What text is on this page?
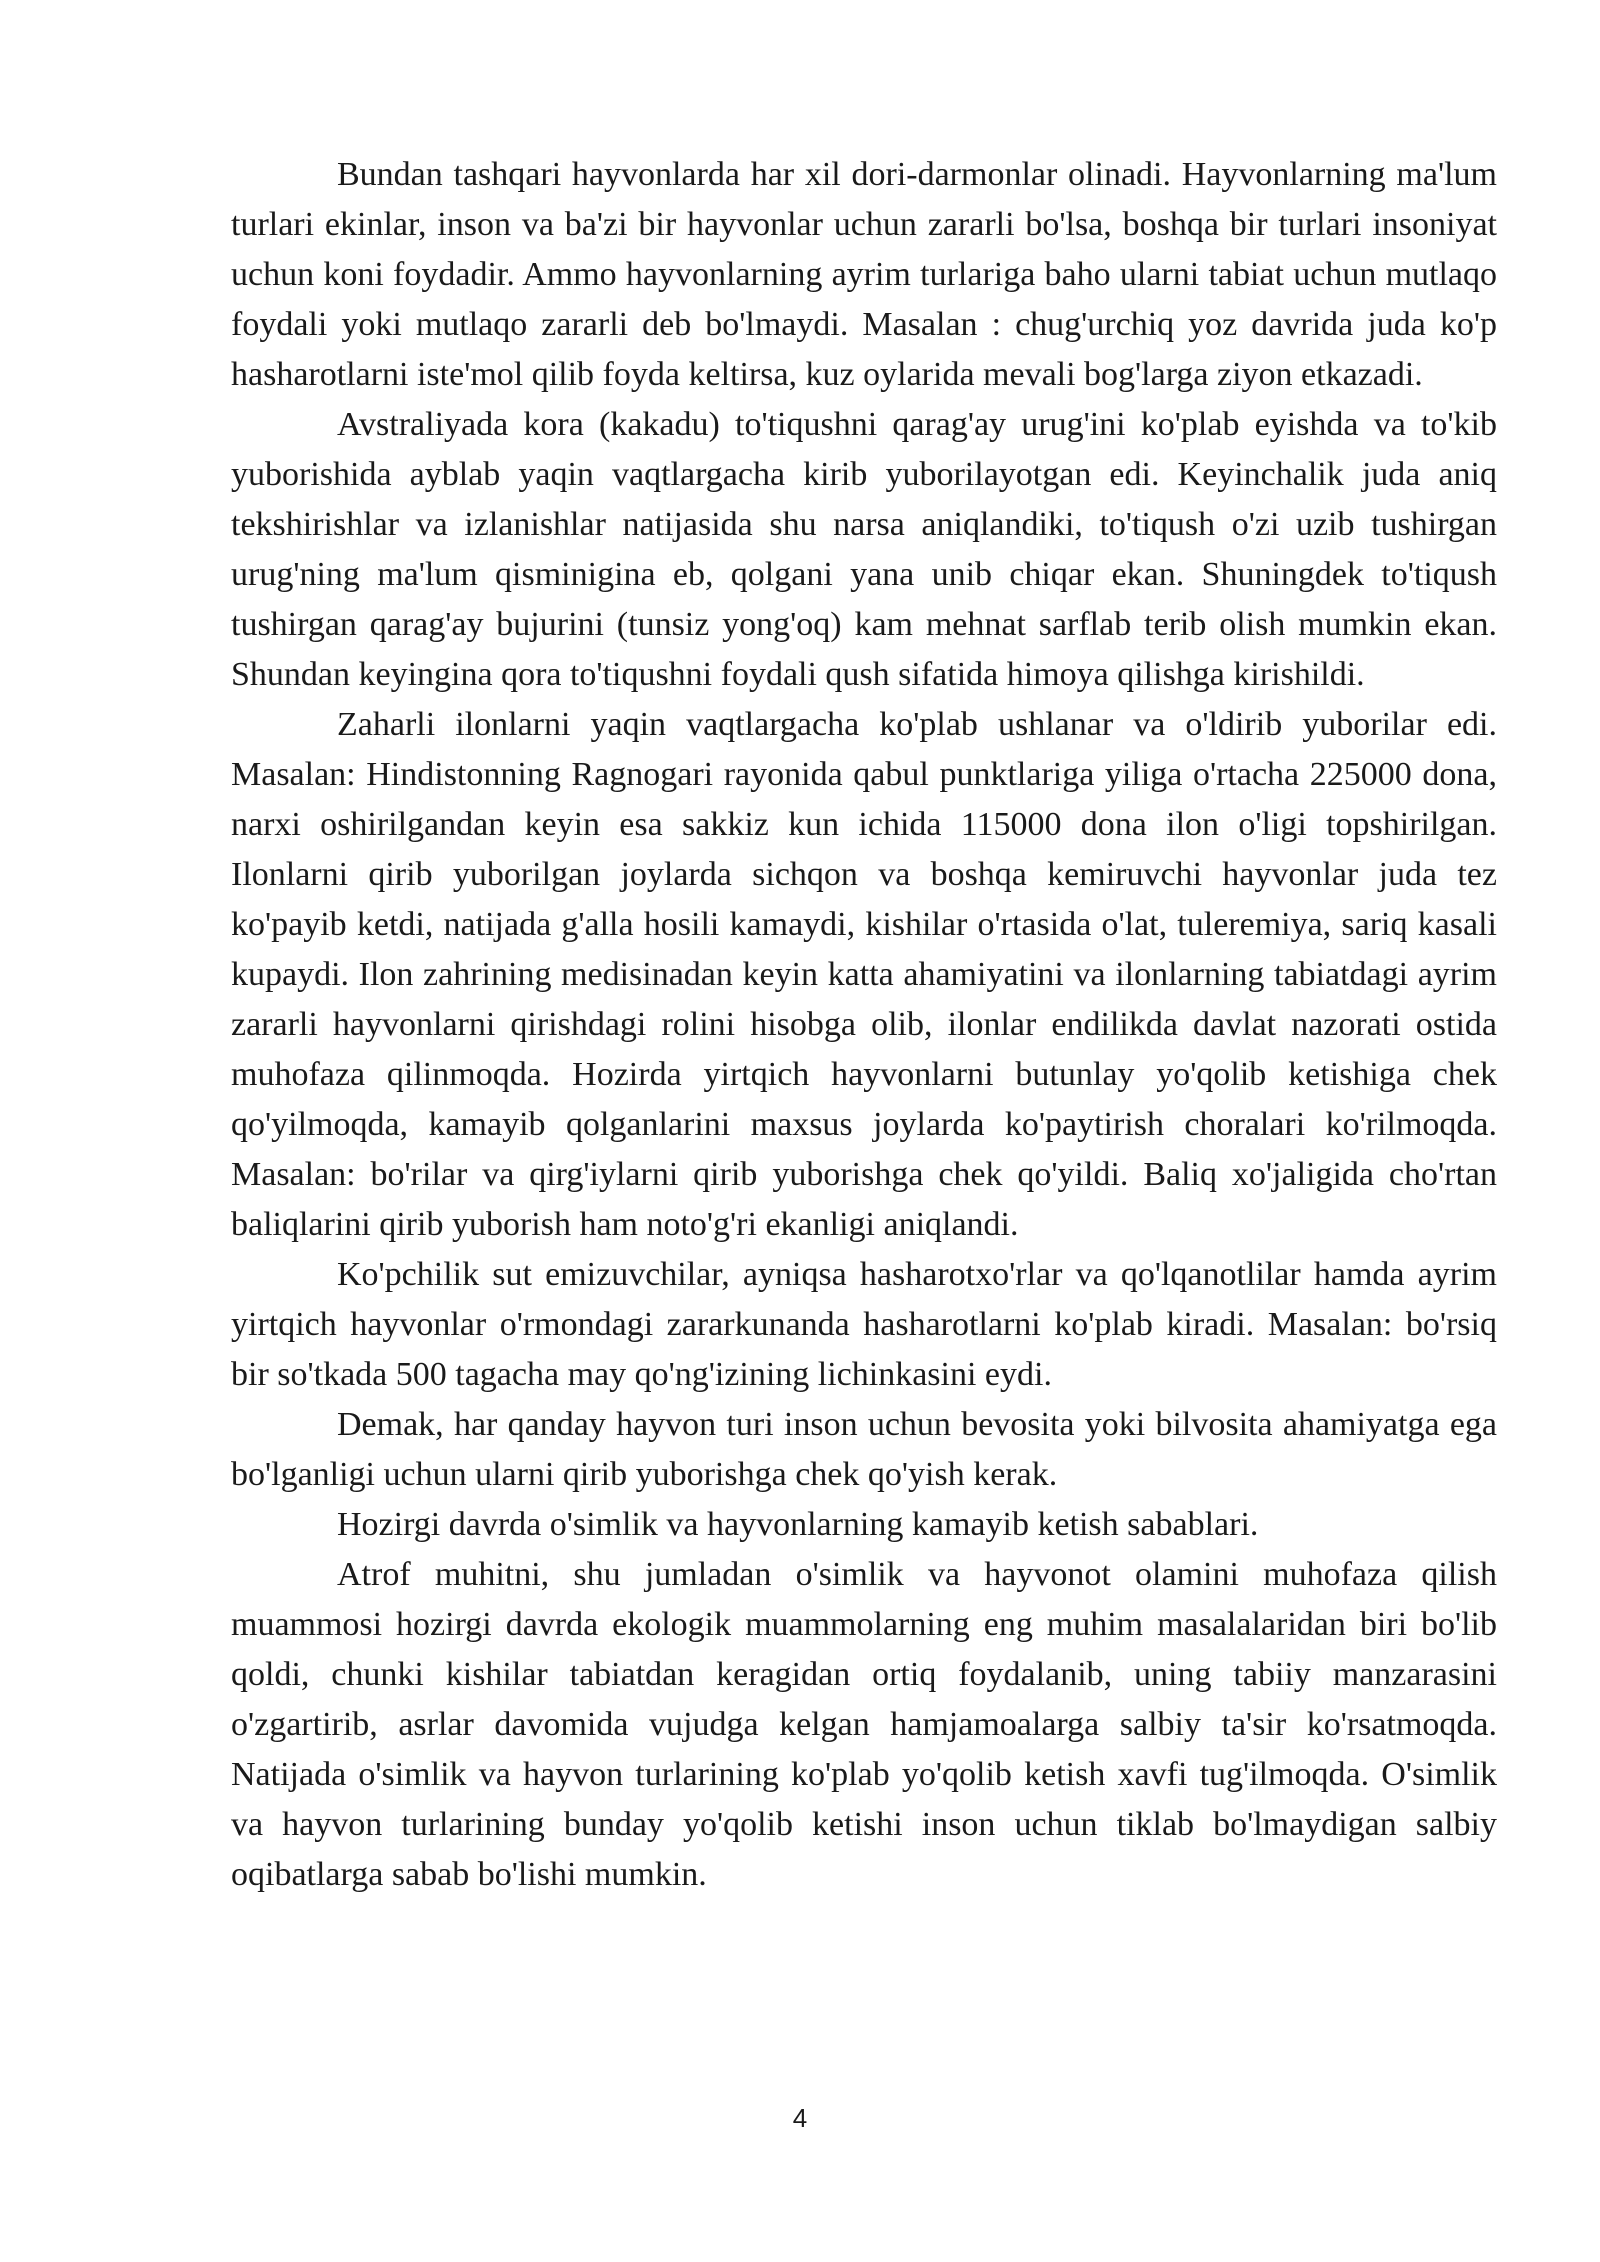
Bundan tashqari hayvonlarda har xil dori-darmonlar olinadi. Hayvonlarning ma'lum turlari ekinlar, inson va ba'zi bir hayvonlar uchun zararli bo'lsa, boshqa bir turlari insoniyat uchun koni foydadir. Ammo hayvonlarning ayrim turlariga baho ularni tabiat uchun mutlaqo foydali yoki mutlaqo zararli deb bo'lmaydi. Masalan : chug'urchiq yoz davrida juda ko'p hasharotlarni iste'mol qilib foyda keltirsa, kuz oylarida mevali bog'larga ziyon etkazadi.

Avstraliyada kora (kakadu) to'tiqushni qarag'ay urug'ini ko'plab eyishda va to'kib yuborishida ayblab yaqin vaqtlargacha kirib yuborilayotgan edi. Keyinchalik juda aniq tekshirishlar va izlanishlar natijasida shu narsa aniqlandiki, to'tiqush o'zi uzib tushirgan urug'ning ma'lum qisminigina eb, qolgani yana unib chiqar ekan. Shuningdek to'tiqush tushirgan qarag'ay bujurini (tunsiz yong'oq) kam mehnat sarflab terib olish mumkin ekan. Shundan keyingina qora to'tiqushni foydali qush sifatida himoya qilishga kirishildi.

Zaharli ilonlarni yaqin vaqtlargacha ko'plab ushlanar va o'ldirib yuborilar edi. Masalan: Hindistonning Ragnogari rayonida qabul punktlariga yiliga o'rtacha 225000 dona, narxi oshirilgandan keyin esa sakkiz kun ichida 115000 dona ilon o'ligi topshirilgan. Ilonlarni qirib yuborilgan joylarda sichqon va boshqa kemiruvchi hayvonlar juda tez ko'payib ketdi, natijada g'alla hosili kamaydi, kishilar o'rtasida o'lat, tuleremiya, sariq kasali kupaydi. Ilon zahrining medisinadan keyin katta ahamiyatini va ilonlarning tabiatdagi ayrim zararli hayvonlarni qirishdagi rolini hisobga olib, ilonlar endilikda davlat nazorati ostida muhofaza qilinmoqda. Hozirda yirtqich hayvonlarni butunlay yo'qolib ketishiga chek qo'yilmoqda, kamayib qolganlarini maxsus joylarda ko'paytirish choralari ko'rilmoqda. Masalan: bo'rilar va qirg'iylarni qirib yuborishga chek qo'yildi. Baliq xo'jaligida cho'rtan baliqlarini qirib yuborish ham noto'g'ri ekanligi aniqlandi.

Ko'pchilik sut emizuvchilar, ayniqsa hasharotxo'rlar va qo'lqanotlilar hamda ayrim yirtqich hayvonlar o'rmondagi zararkunanda hasharotlarni ko'plab kiradi. Masalan: bo'rsiq bir so'tkada 500 tagacha may qo'ng'izining lichinkasini eydi.

Demak, har qanday hayvon turi inson uchun bevosita yoki bilvosita ahamiyatga ega bo'lganligi uchun ularni qirib yuborishga chek qo'yish kerak.

Hozirgi davrda o'simlik va hayvonlarning kamayib ketish sabablari.

Atrof muhitni, shu jumladan o'simlik va hayvonot olamini muhofaza qilish muammosi hozirgi davrda ekologik muammolarning eng muhim masalalaridan biri bo'lib qoldi, chunki kishilar tabiatdan keragidan ortiq foydalanib, uning tabiiy manzarasini o'zgartirib, asrlar davomida vujudga kelgan hamjamoalarga salbiy ta'sir ko'rsatmoqda. Natijada o'simlik va hayvon turlarining ko'plab yo'qolib ketish xavfi tug'ilmoqda. O'simlik va hayvon turlarining bunday yo'qolib ketishi inson uchun tiklab bo'lmaydigan salbiy oqibatlarga sabab bo'lishi mumkin.

4
